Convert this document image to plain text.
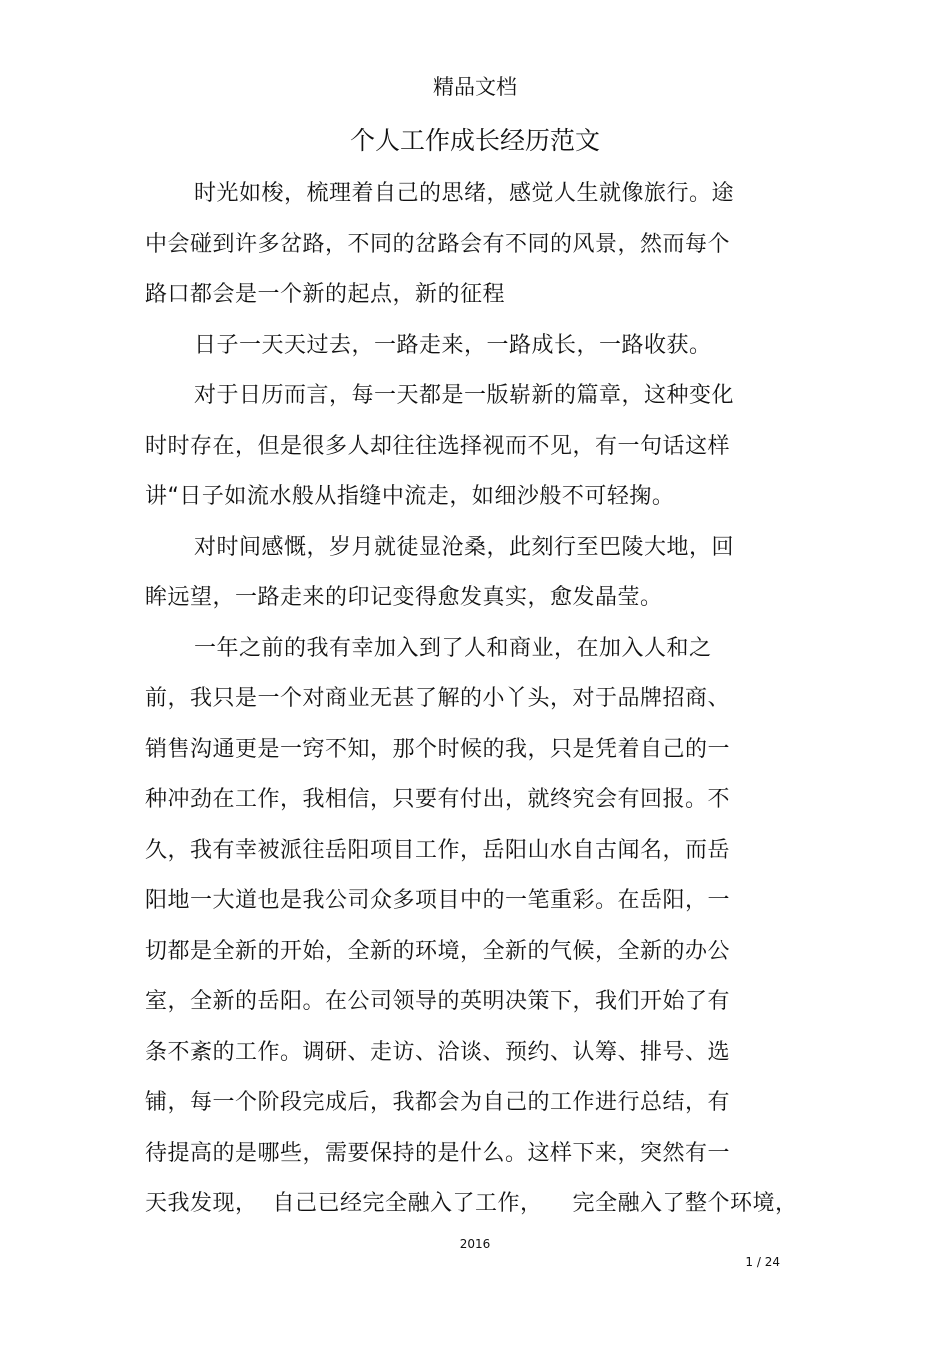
精品文档
个人工作成长经历范文
时光如梭，梳理着自己的思绪，感觉人生就像旅行。途
中会碰到许多岔路，不同的岔路会有不同的风景，然而每个
路口都会是一个新的起点，新的征程
日子一天天过去，一路走来，一路成长，一路收获。
对于日历而言，每一天都是一版崭新的篇章，这种变化
时时存在，但是很多人却往往选择视而不见，有一句话这样
讲“日子如流水般从指缝中流走，如细沙般不可轻掬。
对时间感慨，岁月就徒显沧桑，此刻行至巴陵大地，回
眸远望，一路走来的印记变得愈发真实，愈发晶莹。
一年之前的我有幸加入到了人和商业，在加入人和之
前，我只是一个对商业无甚了解的小丫头，对于品牌招商、
销售沟通更是一窍不知，那个时候的我，只是凭着自己的一
种冲劲在工作，我相信，只要有付出，就终究会有回报。不
久，我有幸被派往岳阳项目工作，岳阳山水自古闻名，而岳
阳地一大道也是我公司众多项目中的一笔重彩。在岳阳，一
切都是全新的开始，全新的环境，全新的气候，全新的办公
室，全新的岳阳。在公司领导的英明决策下，我们开始了有
条不紊的工作。调研、走访、洽谈、预约、认筹、排号、选
铺，每一个阶段完成后，我都会为自己的工作进行总结，有
待提高的是哪些，需要保持的是什么。这样下来，突然有一
天我发现，  自己已经完全融入了工作，    完全融入了整个环境，
2016
1 / 24
